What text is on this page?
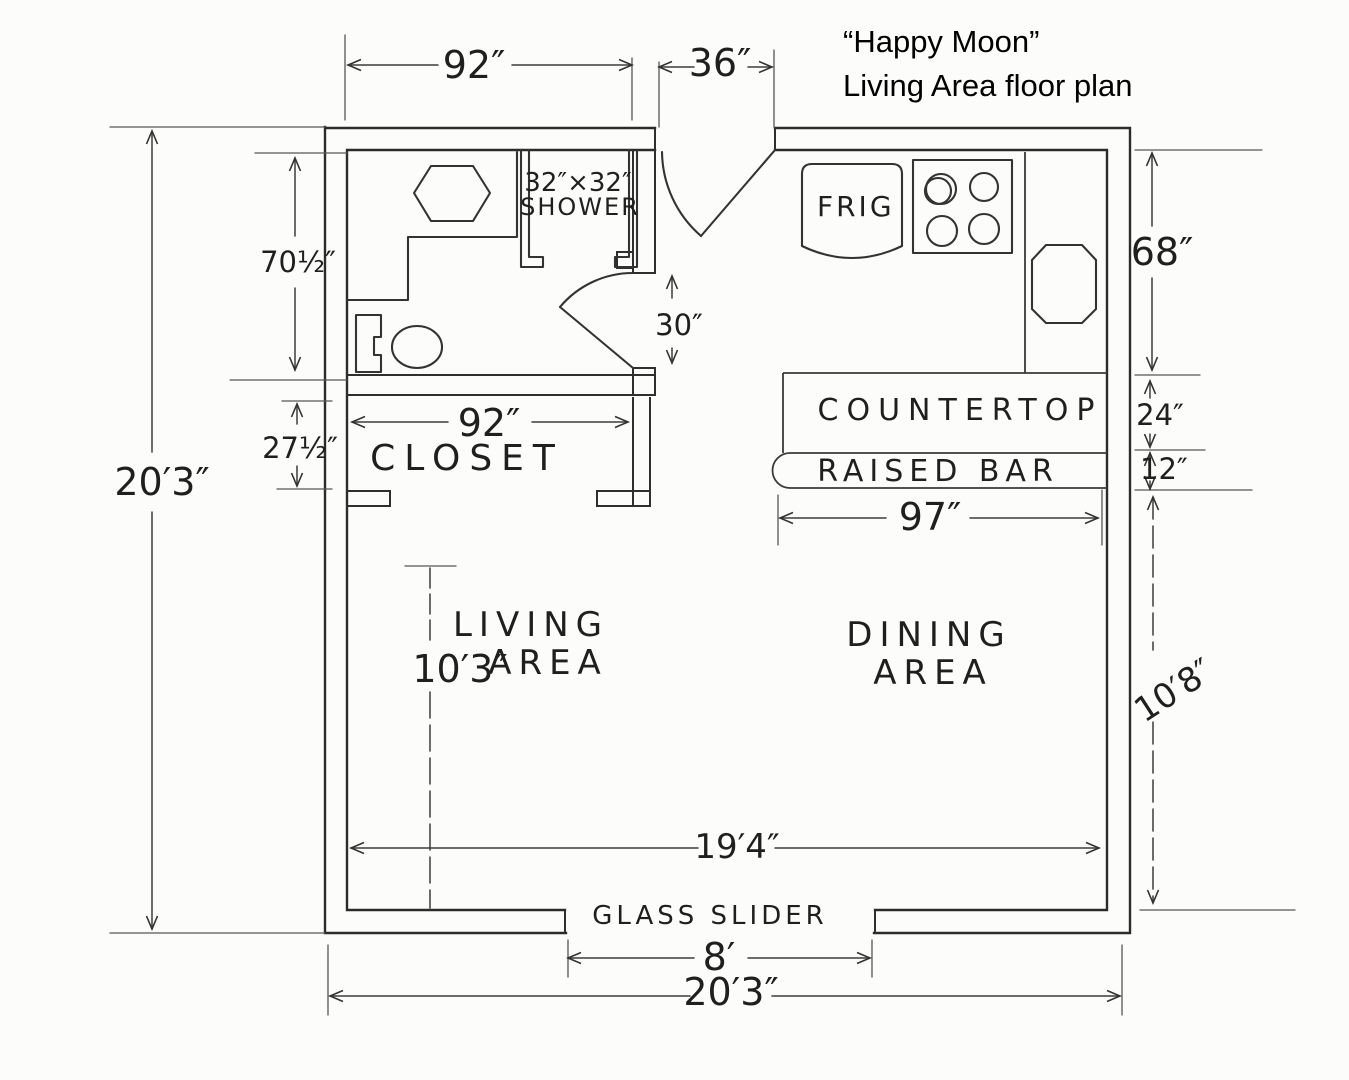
32″×32″
SHOWER	FRIG
COUNTERTOP
RAISED BAR
LIVING
AREA
DINING
AREA
CLOSET
GLASS SLIDER
92″	36″
70½″
20′3″
27½″
30″
68″
24″
12″
97″
92″
10′3″	10′8″
19′4″
8′
20′3″
“Happy Moon”
Living Area floor plan
